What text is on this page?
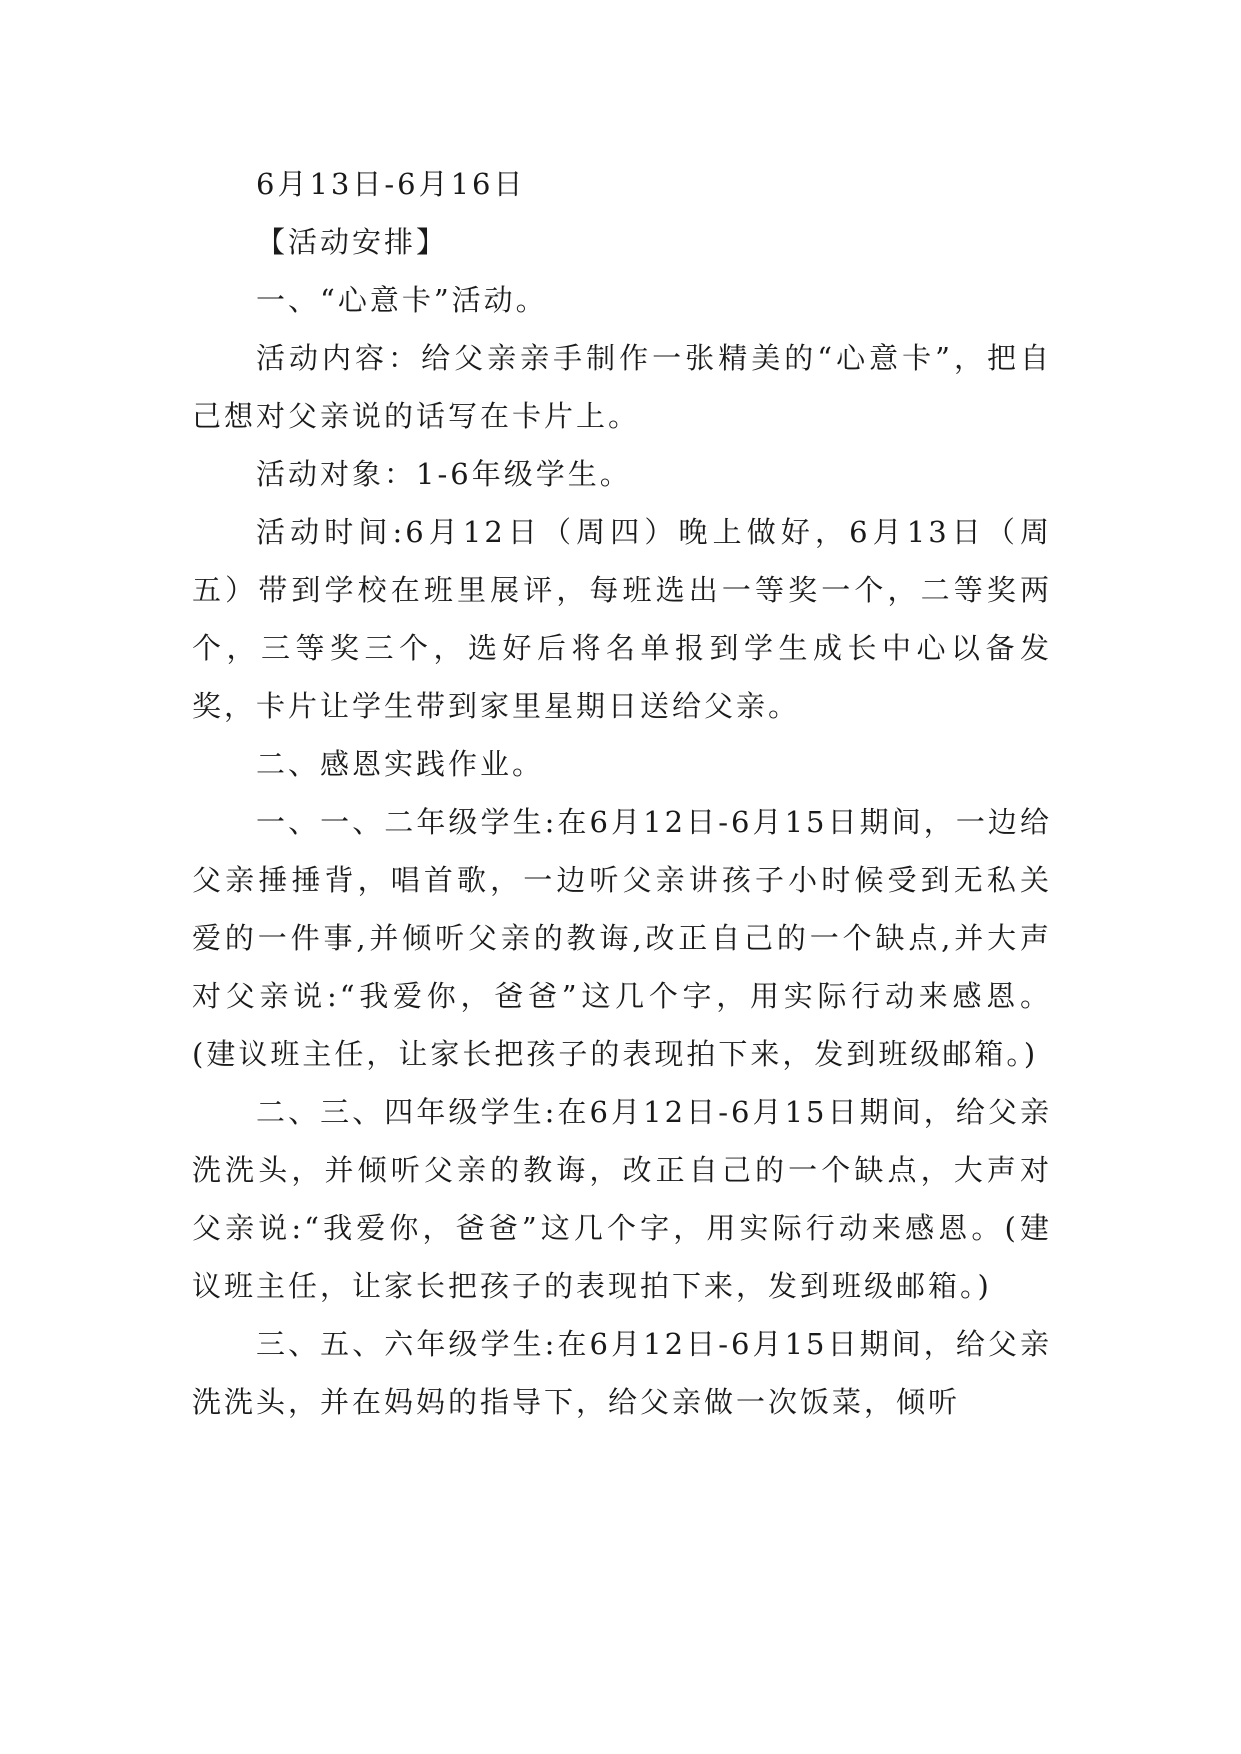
6月13日-6月16日

【活动安排】

一、“心意卡”活动。

活动内容：给父亲亲手制作一张精美的“心意卡”，把自己想对父亲说的话写在卡片上。

活动对象：1-6年级学生。

活动时间:6月12日（周四）晚上做好，6月13日（周五）带到学校在班里展评，每班选出一等奖一个，二等奖两个，三等奖三个，选好后将名单报到学生成长中心以备发奖，卡片让学生带到家里星期日送给父亲。

二、感恩实践作业。

一、一、二年级学生:在6月12日-6月15日期间，一边给父亲捶捶背，唱首歌，一边听父亲讲孩子小时候受到无私关爱的一件事,并倾听父亲的教诲,改正自己的一个缺点,并大声对父亲说:“我爱你，爸爸”这几个字，用实际行动来感恩。(建议班主任，让家长把孩子的表现拍下来，发到班级邮箱。)

二、三、四年级学生:在6月12日-6月15日期间，给父亲洗洗头，并倾听父亲的教诲，改正自己的一个缺点，大声对父亲说:“我爱你，爸爸”这几个字，用实际行动来感恩。(建议班主任，让家长把孩子的表现拍下来，发到班级邮箱。)

三、五、六年级学生:在6月12日-6月15日期间，给父亲洗洗头，并在妈妈的指导下，给父亲做一次饭菜，倾听
